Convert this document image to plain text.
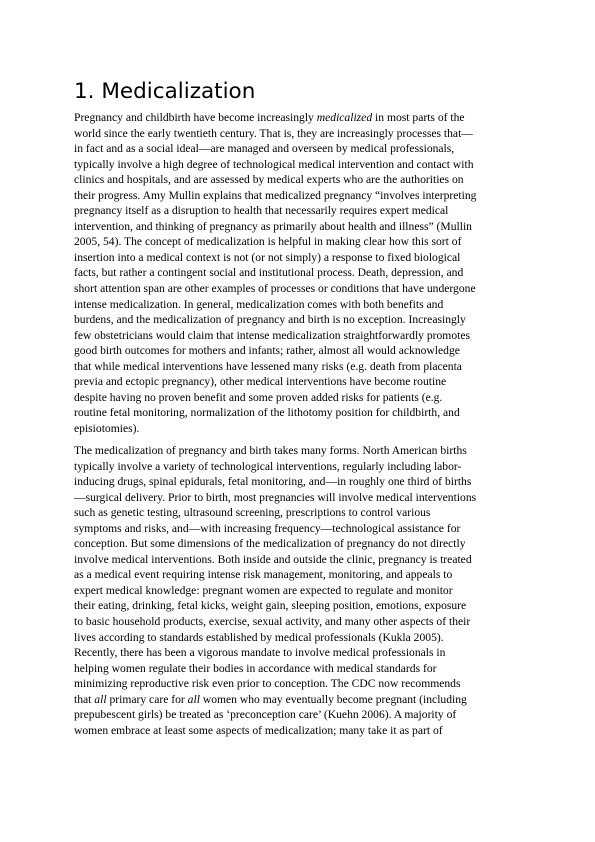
1. Medicalization

Pregnancy and childbirth have become increasingly medicalized in most parts of the
world since the early twentieth century. That is, they are increasingly processes that—
in fact and as a social ideal—are managed and overseen by medical professionals,
typically involve a high degree of technological medical intervention and contact with
clinics and hospitals, and are assessed by medical experts who are the authorities on
their progress. Amy Mullin explains that medicalized pregnancy “involves interpreting
pregnancy itself as a disruption to health that necessarily requires expert medical
intervention, and thinking of pregnancy as primarily about health and illness” (Mullin
2005, 54). The concept of medicalization is helpful in making clear how this sort of
insertion into a medical context is not (or not simply) a response to fixed biological
facts, but rather a contingent social and institutional process. Death, depression, and
short attention span are other examples of processes or conditions that have undergone
intense medicalization. In general, medicalization comes with both benefits and
burdens, and the medicalization of pregnancy and birth is no exception. Increasingly
few obstetricians would claim that intense medicalization straightforwardly promotes
good birth outcomes for mothers and infants; rather, almost all would acknowledge
that while medical interventions have lessened many risks (e.g. death from placenta
previa and ectopic pregnancy), other medical interventions have become routine
despite having no proven benefit and some proven added risks for patients (e.g.
routine fetal monitoring, normalization of the lithotomy position for childbirth, and
episiotomies).

The medicalization of pregnancy and birth takes many forms. North American births
typically involve a variety of technological interventions, regularly including labor-
inducing drugs, spinal epidurals, fetal monitoring, and—in roughly one third of births
—surgical delivery. Prior to birth, most pregnancies will involve medical interventions
such as genetic testing, ultrasound screening, prescriptions to control various
symptoms and risks, and—with increasing frequency—technological assistance for
conception. But some dimensions of the medicalization of pregnancy do not directly
involve medical interventions. Both inside and outside the clinic, pregnancy is treated
as a medical event requiring intense risk management, monitoring, and appeals to
expert medical knowledge: pregnant women are expected to regulate and monitor
their eating, drinking, fetal kicks, weight gain, sleeping position, emotions, exposure
to basic household products, exercise, sexual activity, and many other aspects of their
lives according to standards established by medical professionals (Kukla 2005).
Recently, there has been a vigorous mandate to involve medical professionals in
helping women regulate their bodies in accordance with medical standards for
minimizing reproductive risk even prior to conception. The CDC now recommends
that all primary care for all women who may eventually become pregnant (including
prepubescent girls) be treated as ‘preconception care’ (Kuehn 2006). A majority of
women embrace at least some aspects of medicalization; many take it as part of
